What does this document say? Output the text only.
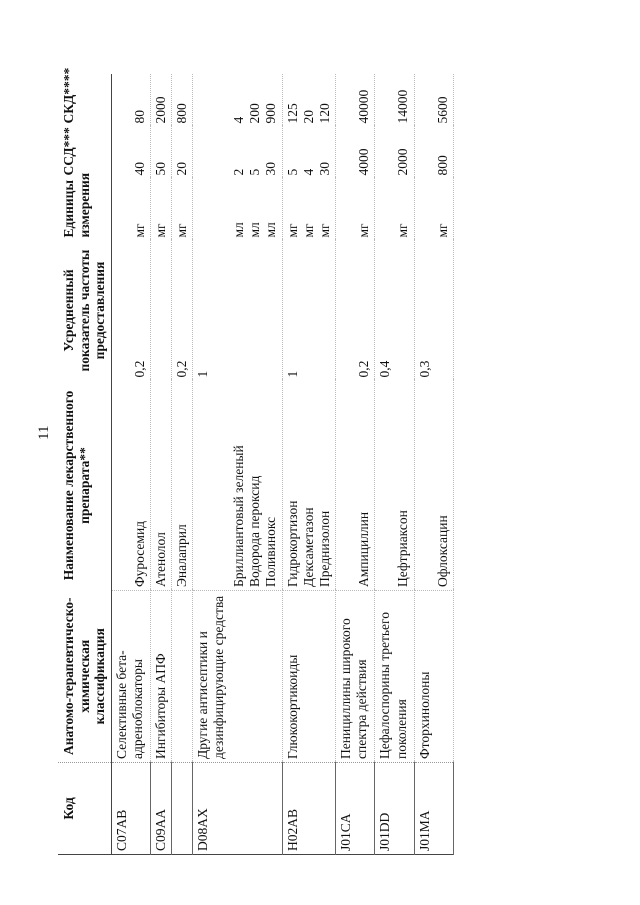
11
Код	Анатомо-терапевтическо-химическая классификация	Наименование лекарственного препарата**	Усредненный показатель частоты предоставления	Единицы измерения	ССД***	СКД****
C07AB	Селективные бета-адреноблокаторы	Фуросемид	0,2	мг	40	80

C09AA	Ингибиторы АПФ	Атенолол		мг	50	2000

		Эналаприл	0,2	мг	20	800

D08AX	Другие антисептики и дезинфицирующие средства	Бриллиантовый зеленый Водорода пероксид Поливинокс	1	мл мл мл	2 5 30	4 200 900

H02AB	Глюкокортикоиды	Гидрокортизон Дексаметазон Преднизолон	1	мг мг мг	5 4 30	125 20 120

J01CA	Пенициллины широкого спектра действия	Ампициллин	0,2	мг	4000	40000

J01DD	Цефалоспорины третьего поколения	Цефтриаксон	0,4	мг	2000	14000

J01MA	Фторхинолоны	Офлоксацин	0,3	мг	800	5600
